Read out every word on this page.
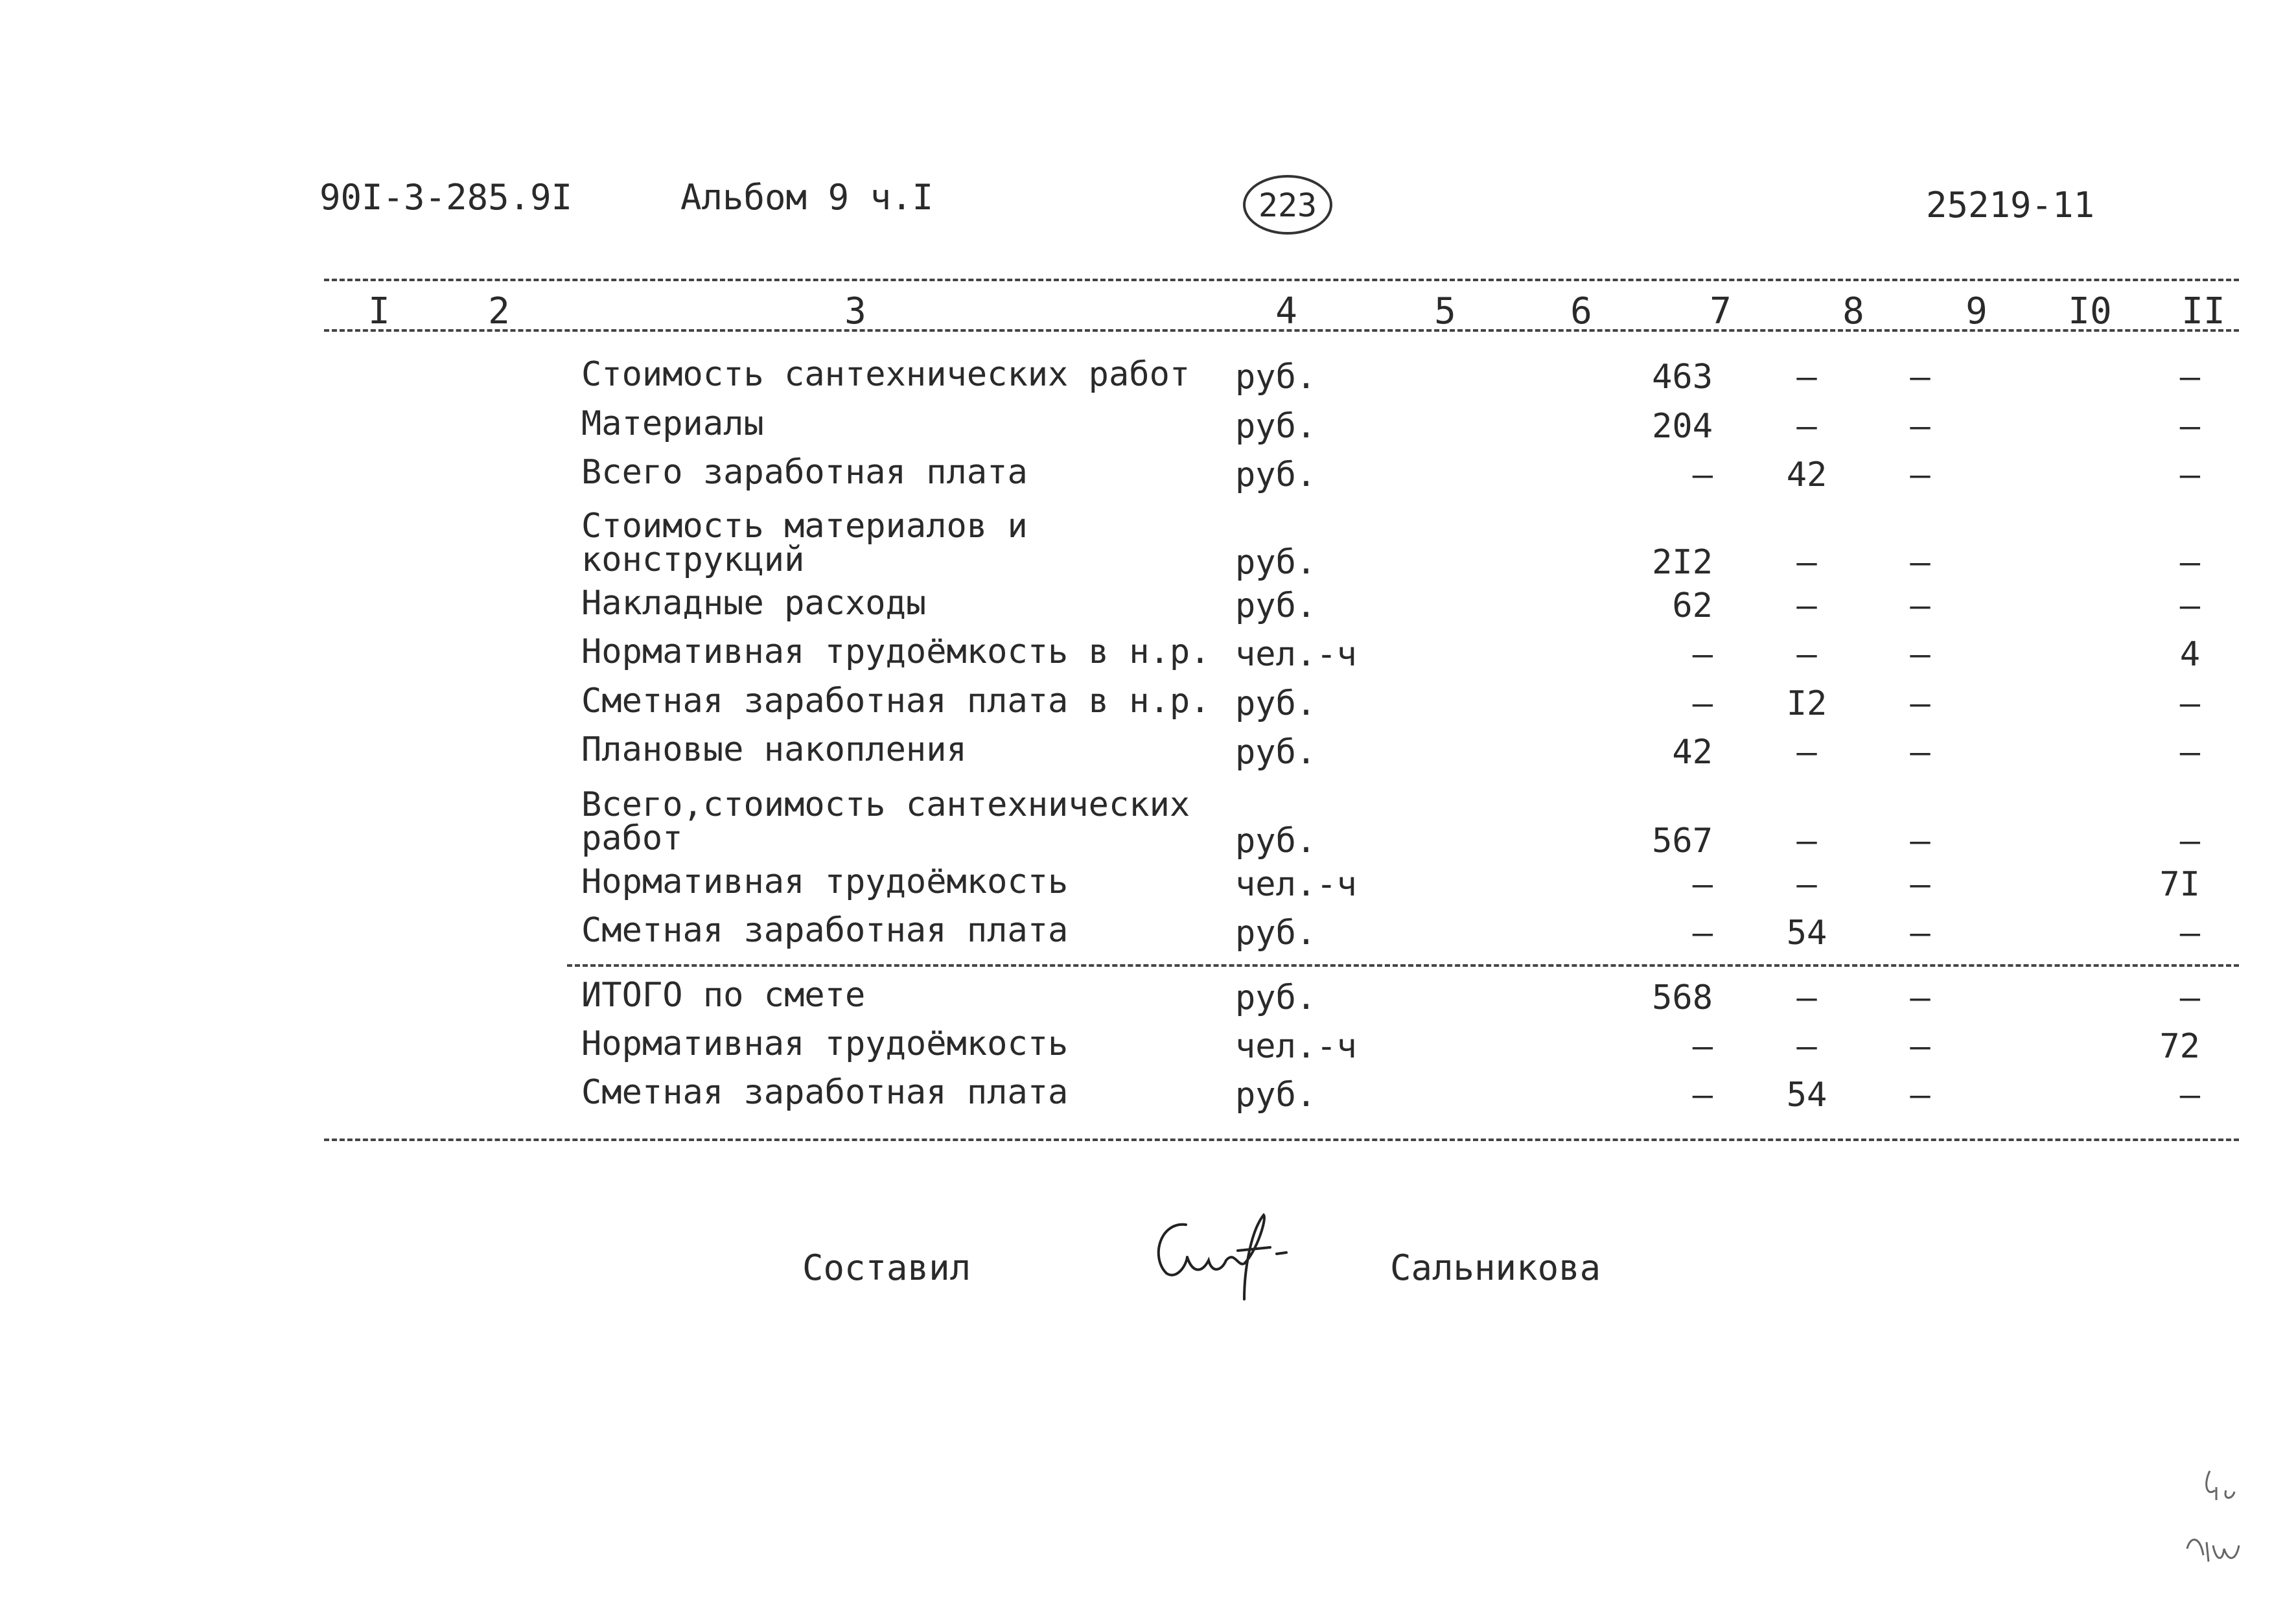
90I-3-285.9I	Альбом 9 ч.I	223	25219-11
I	2	3	4	5	6	7	8	9	I0 II
Стоимость сантехнических работ руб.	463	–	–	–
Материалы	руб.	204	–	–	–
Всего заработная плата	руб.	–	42	–	–
Стоимость материалов и
конструкций	руб.	2I2	–	–	–
Накладные расходы	руб.	62	–	–	–
Нормативная трудоёмкость в н.р. чел.-ч	–	–	–	4
Сметная заработная плата в н.р. руб.	–	I2	–	–
Плановые накопления	руб.	42	–	–	–
Всего,стоимость сантехнических
работ	руб.	567	–	–	–
Нормативная трудоёмкость	чел.-ч	–	–	–	7I
Сметная заработная плата	руб.	–	54	–	–
ИТОГО по смете	руб.	568	–	–	–
Нормативная трудоёмкость	чел.-ч	–	–	–	72
Сметная заработная плата	руб.	–	54	–	–
Составил	Сальникова
